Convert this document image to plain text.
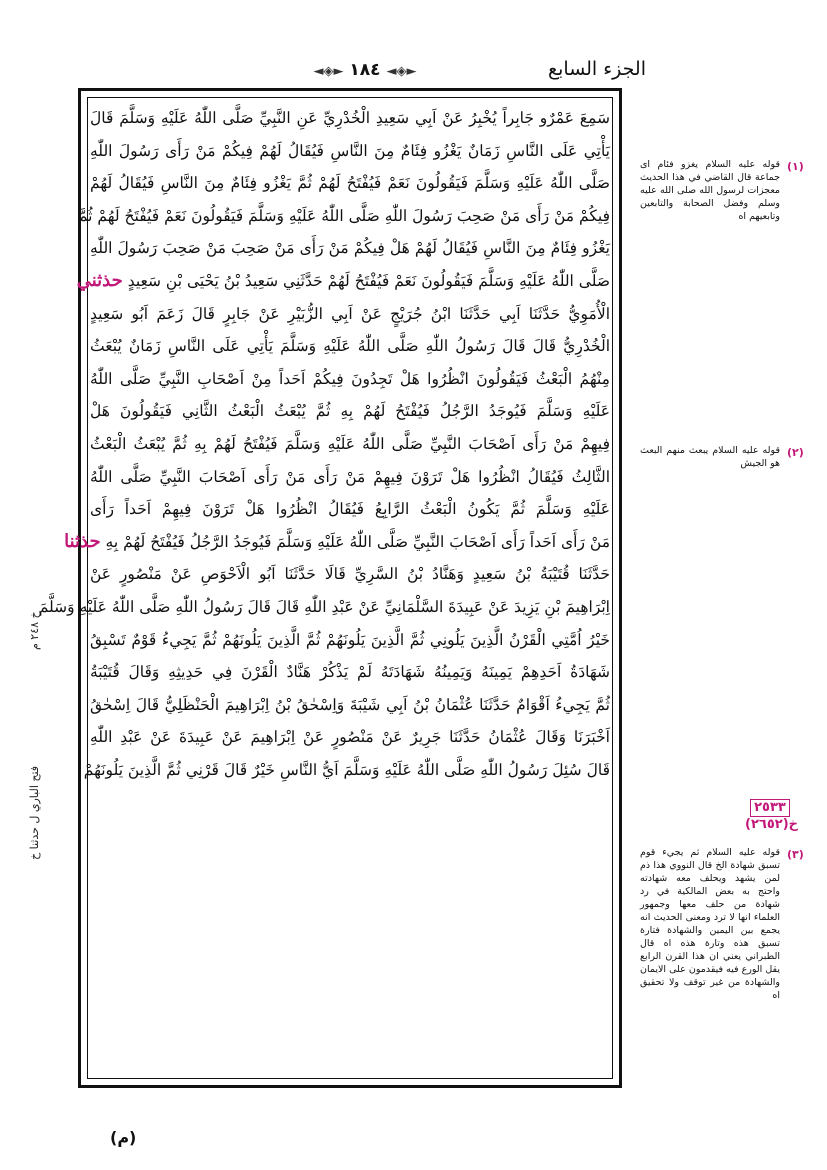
الجزء السابع
◄◈► ١٨٤ ◄◈►
سَمِعَ عَمْرٌو جَابِراً يُخْبِرُ عَنْ اَبِي سَعِيدِ الْخُدْرِيِّ عَنِ النَّبِيِّ صَلَّى اللّٰهُ عَلَيْهِ وَسَلَّمَ قَالَ
يَأْتِي عَلَى النَّاسِ زَمَانٌ يَغْزُو فِئَامٌ مِنَ النَّاسِ فَيُقَالُ لَهُمْ فِيكُمْ مَنْ رَأَى رَسُولَ اللّٰهِ
صَلَّى اللّٰهُ عَلَيْهِ وَسَلَّمَ فَيَقُولُونَ نَعَمْ فَيُفْتَحُ لَهُمْ ثُمَّ يَغْزُو فِئَامٌ مِنَ النَّاسِ فَيُقَالُ لَهُمْ
فِيكُمْ مَنْ رَأَى مَنْ صَحِبَ رَسُولَ اللّٰهِ صَلَّى اللّٰهُ عَلَيْهِ وَسَلَّمَ فَيَقُولُونَ نَعَمْ فَيُفْتَحُ لَهُمْ ثُمَّ
يَغْزُو فِئَامٌ مِنَ النَّاسِ فَيُقَالُ لَهُمْ هَلْ فِيكُمْ مَنْ رَأَى مَنْ صَحِبَ مَنْ صَحِبَ رَسُولَ اللّٰهِ
صَلَّى اللّٰهُ عَلَيْهِ وَسَلَّمَ فَيَقُولُونَ نَعَمْ فَيُفْتَحُ لَهُمْ حَدَّثَنِي سَعِيدُ بْنُ يَحْيَى بْنِ سَعِيدٍ حذثني
الْأُمَوِيُّ حَدَّثَنَا اَبِي حَدَّثَنَا ابْنُ جُرَيْجٍ عَنْ اَبِي الزُّبَيْرِ عَنْ جَابِرٍ قَالَ زَعَمَ اَبُو سَعِيدٍ
الْخُدْرِيُّ قَالَ قَالَ رَسُولُ اللّٰهِ صَلَّى اللّٰهُ عَلَيْهِ وَسَلَّمَ يَأْتِي عَلَى النَّاسِ زَمَانٌ يُبْعَثُ
مِنْهُمُ الْبَعْثُ فَيَقُولُونَ انْظُرُوا هَلْ تَجِدُونَ فِيكُمْ اَحَداً مِنْ اَصْحَابِ النَّبِيِّ صَلَّى اللّٰهُ
عَلَيْهِ وَسَلَّمَ فَيُوجَدُ الرَّجُلُ فَيُفْتَحُ لَهُمْ بِهِ ثُمَّ يُبْعَثُ الْبَعْثُ الثَّانِي فَيَقُولُونَ هَلْ
فِيهِمْ مَنْ رَأَى اَصْحَابَ النَّبِيِّ صَلَّى اللّٰهُ عَلَيْهِ وَسَلَّمَ فَيُفْتَحُ لَهُمْ بِهِ ثُمَّ يُبْعَثُ الْبَعْثُ
الثَّالِثُ فَيُقَالُ انْظُرُوا هَلْ تَرَوْنَ فِيهِمْ مَنْ رَأَى مَنْ رَأَى اَصْحَابَ النَّبِيِّ صَلَّى اللّٰهُ
عَلَيْهِ وَسَلَّمَ ثُمَّ يَكُونُ الْبَعْثُ الرَّابِعُ فَيُقَالُ انْظُرُوا هَلْ تَرَوْنَ فِيهِمْ اَحَداً رَأَى
مَنْ رَأَى اَحَداً رَأَى اَصْحَابَ النَّبِيِّ صَلَّى اللّٰهُ عَلَيْهِ وَسَلَّمَ فَيُوجَدُ الرَّجُلُ فَيُفْتَحُ لَهُمْ بِهِ حذثنا
حَدَّثَنَا قُتَيْبَةُ بْنُ سَعِيدٍ وَهَنَّادُ بْنُ السَّرِيِّ قَالَا حَدَّثَنَا اَبُو الْاَحْوَصِ عَنْ مَنْصُورٍ عَنْ
اِبْرَاهِيمَ بْنِ يَزِيدَ عَنْ عَبِيدَةَ السَّلْمَانِيِّ عَنْ عَبْدِ اللّٰهِ قَالَ قَالَ رَسُولُ اللّٰهِ صَلَّى اللّٰهُ عَلَيْهِ وَسَلَّمَ
خَيْرُ اُمَّتِي الْقَرْنُ الَّذِينَ يَلُونِي ثُمَّ الَّذِينَ يَلُونَهُمْ ثُمَّ الَّذِينَ يَلُونَهُمْ ثُمَّ يَجِيءُ قَوْمٌ تَسْبِقُ
شَهَادَةُ اَحَدِهِمْ يَمِينَهُ وَيَمِينُهُ شَهَادَتَهُ لَمْ يَذْكُرْ هَنَّادٌ الْقَرْنَ فِي حَدِيثِهِ وَقَالَ قُتَيْبَةُ
ثُمَّ يَجِيءُ اَقْوَامٌ حَدَّثَنَا عُثْمَانُ بْنُ اَبِي شَيْبَةَ وَاِسْحٰقُ بْنُ اِبْرَاهِيمَ الْحَنْظَلِيُّ قَالَ اِسْحٰقُ
اَخْبَرَنَا وَقَالَ عُثْمَانُ حَدَّثَنَا جَرِيرٌ عَنْ مَنْصُورٍ عَنْ اِبْرَاهِيمَ عَنْ عَبِيدَةَ عَنْ عَبْدِ اللّٰهِ
قَالَ سُئِلَ رَسُولُ اللّٰهِ صَلَّى اللّٰهُ عَلَيْهِ وَسَلَّمَ اَيُّ النَّاسِ خَيْرٌ قَالَ قَرْنِي ثُمَّ الَّذِينَ يَلُونَهُمْ
خ ٢٤٨ م
فتح الباري ل حدثنا خ
(١)
قوله عليه السلام يغزو فئام اى جماعة قال القاضي في هذا الحديث معجزات لرسول الله صلى الله عليه وسلم وفضل الصحابة والتابعين وتابعيهم اه
(٢)
قوله عليه السلام يبعث منهم البعث هو الجيش
٢٥٣٣
خ(٢٦٥٢)
(٣)
قوله عليه السلام ثم يجيء قوم تسبق شهادة الخ قال النووي هذا ذم لمن يشهد ويحلف معه شهادته واحتج به بعض المالكية في رد شهادة من حلف معها وجمهور العلماء انها لا ترد ومعنى الحديث انه يجمع بين اليمين والشهادة فتارة تسبق هذه وتارة هذه اه قال الطبراني يعني ان هذا القرن الرابع يقل الورع فيه فيقدمون على الايمان والشهادة من غير توقف ولا تحقيق اه
(م)
